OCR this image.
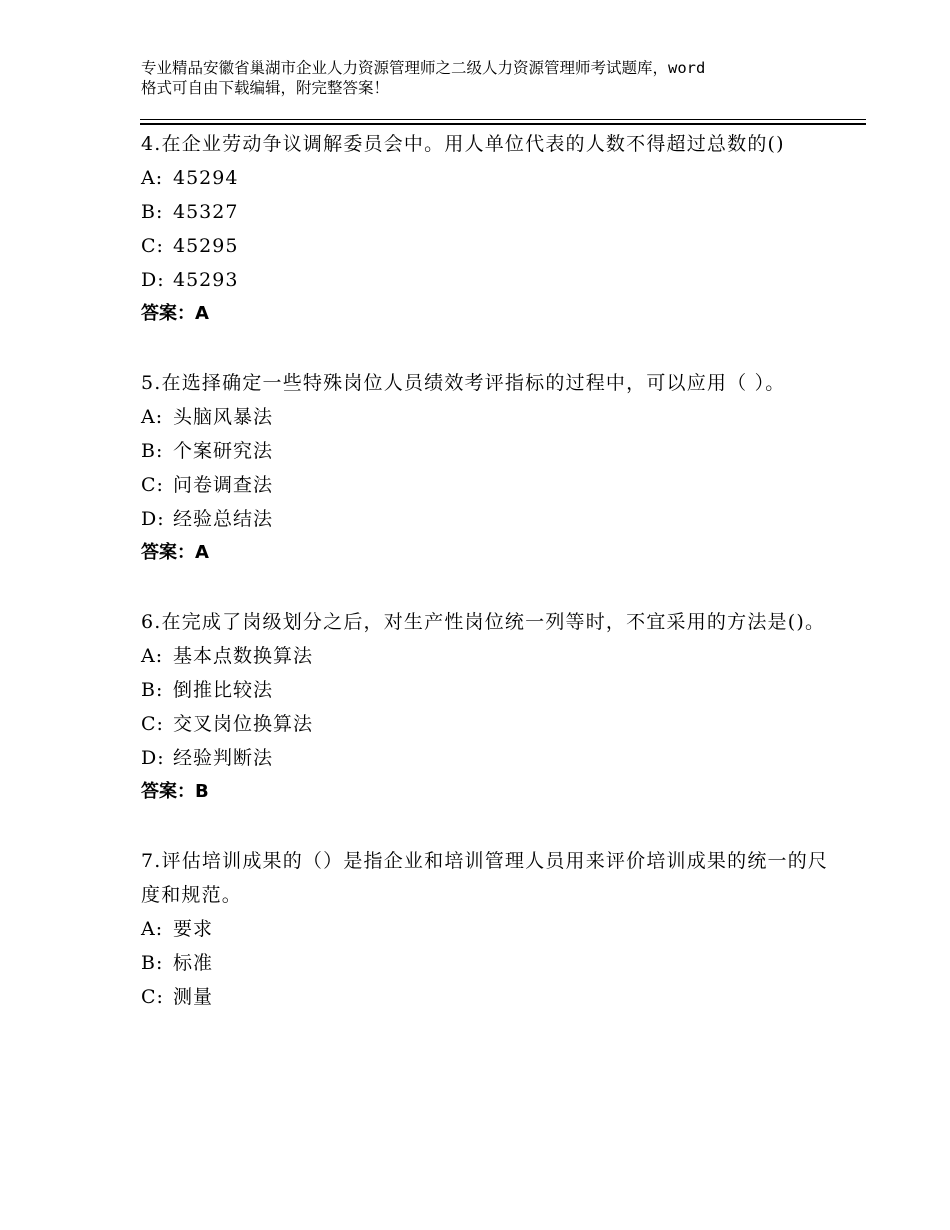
专业精品安徽省巢湖市企业人力资源管理师之二级人力资源管理师考试题库，word
格式可自由下载编辑，附完整答案！
4.在企业劳动争议调解委员会中。用人单位代表的人数不得超过总数的()
A: 45294
B: 45327
C: 45295
D: 45293
答案：A
5.在选择确定一些特殊岗位人员绩效考评指标的过程中，可以应用（ ）。
A: 头脑风暴法
B: 个案研究法
C: 问卷调查法
D: 经验总结法
答案：A
6.在完成了岗级划分之后，对生产性岗位统一列等时，不宜采用的方法是()。
A: 基本点数换算法
B: 倒推比较法
C: 交叉岗位换算法
D: 经验判断法
答案：B
7.评估培训成果的（）是指企业和培训管理人员用来评价培训成果的统一的尺度和规范。
A: 要求
B: 标准
C: 测量
